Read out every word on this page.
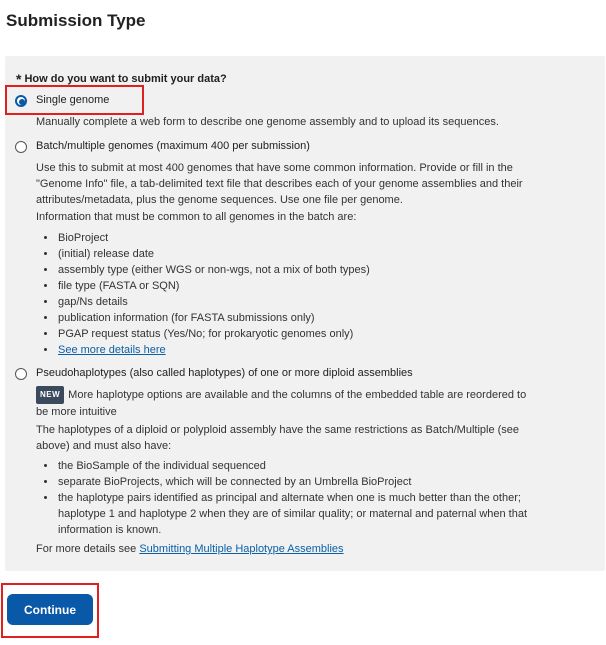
Submission Type
* How do you want to submit your data?
Single genome
Manually complete a web form to describe one genome assembly and to upload its sequences.
Batch/multiple genomes (maximum 400 per submission)
Use this to submit at most 400 genomes that have some common information. Provide or fill in the
"Genome Info" file, a tab-delimited text file that describes each of your genome assemblies and their
attributes/metadata, plus the genome sequences. Use one file per genome.
Information that must be common to all genomes in the batch are:
BioProject
(initial) release date
assembly type (either WGS or non-wgs, not a mix of both types)
file type (FASTA or SQN)
gap/Ns details
publication information (for FASTA submissions only)
PGAP request status (Yes/No; for prokaryotic genomes only)
See more details here
Pseudohaplotypes (also called haplotypes) of one or more diploid assemblies
NEW More haplotype options are available and the columns of the embedded table are reordered to
be more intuitive
The haplotypes of a diploid or polyploid assembly have the same restrictions as Batch/Multiple (see
above) and must also have:
the BioSample of the individual sequenced
separate BioProjects, which will be connected by an Umbrella BioProject
the haplotype pairs identified as principal and alternate when one is much better than the other;
haplotype 1 and haplotype 2 when they are of similar quality; or maternal and paternal when that
information is known.
For more details see Submitting Multiple Haplotype Assemblies
Continue
